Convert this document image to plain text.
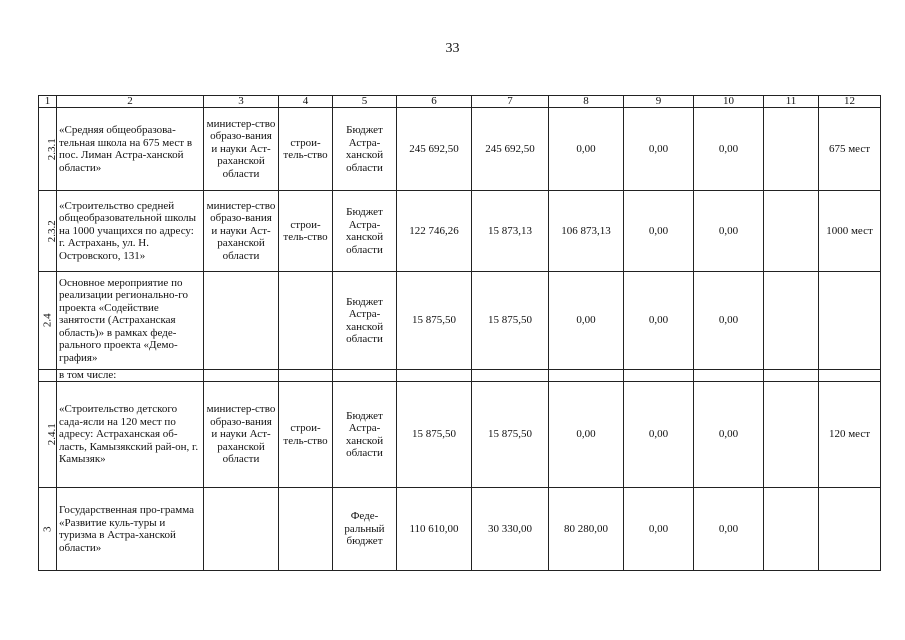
33
1	2	3	4	5	6	7	8	9	10	11	12
2.3.1	«Средняя общеобразова-тельная школа на 675 мест в пос. Лиман Астра-ханской области»	министер-ство образо-вания и науки Аст-раханской области	строи-тель-ство	Бюджет Астра-ханской области	245 692,50	245 692,50	0,00	0,00	0,00		675 мест
2.3.2	«Строительство средней общеобразовательной школы на 1000 учащихся по адресу: г. Астрахань, ул. Н. Островского, 131»	министер-ство образо-вания и науки Аст-раханской области	строи-тель-ство	Бюджет Астра-ханской области	122 746,26	15 873,13	106 873,13	0,00	0,00		1000 мест
2.4	Основное мероприятие по реализации регионально-го проекта «Содействие занятости (Астраханская область)» в рамках феде-рального проекта «Демо-графия»			Бюджет Астра-ханской области	15 875,50	15 875,50	0,00	0,00	0,00		
	в том числе:										
2.4.1	«Строительство детского сада-ясли на 120 мест по адресу: Астраханская об-ласть, Камызякский рай-он, г. Камызяк»	министер-ство образо-вания и науки Аст-раханской области	строи-тель-ство	Бюджет Астра-ханской области	15 875,50	15 875,50	0,00	0,00	0,00		120 мест
3	Государственная про-грамма «Развитие куль-туры и туризма в Астра-ханской области»			Феде-ральный бюджет	110 610,00	30 330,00	80 280,00	0,00	0,00		
